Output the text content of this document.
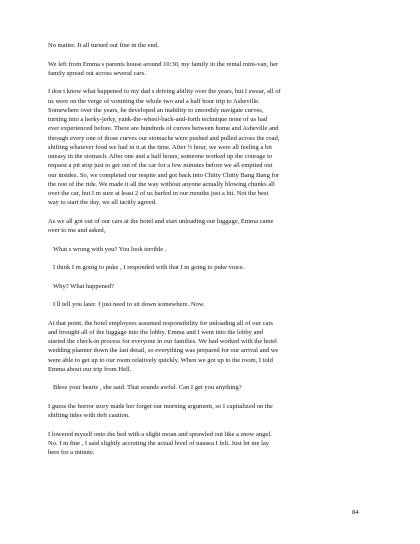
No matter. It all turned out fine in the end.

We left from Emma s parents house around 10:30, my family in the rental mini-van, her
family spread out across several cars.

I don t know what happened to my dad s driving ability over the years, but I swear, all of
us were on the verge of vomiting the whole two and a half hour trip to Asheville.
Somewhere over the years, he developed an inability to smoothly navigate curves,
turning into a herky-jerky, yank-the-wheel-back-and-forth technique none of us had
ever experienced before. There are hundreds of curves between home and Asheville and
through every one of those curves our stomachs were pushed and pulled across the road,
shifting whatever food we had in it at the time. After ½ hour, we were all feeling a bit
uneasy in the stomach. After one and a half hours, someone worked up the courage to
request a pit stop just to get out of the car for a few minutes before we all emptied out
our insides. So, we completed our respite and got back into Chitty Chitty Bang Bang for
the rest of the ride. We made it all the way without anyone actually blowing chunks all
over the car, but I m sure at least 2 of us barfed in our mouths just a bit. Not the best
way to start the day, we all tacitly agreed.

As we all got out of our cars at the hotel and start unloading our luggage, Emma came
over to me and asked,

What s wrong with you? You look terrible .

I think I m going to puke , I responded with that I m going to puke voice.

Why? What happened?

I ll tell you later. I just need to sit down somewhere. Now.

At that point, the hotel employees assumed responsibility for unloading all of our cars
and brought all of the luggage into the lobby. Emma and I went into the lobby and
started the check-in process for everyone in our families. We had worked with the hotel
wedding planner down the last detail, so everything was prepared for our arrival and we
were able to get up to our room relatively quickly. When we got up to the room, I told
Emma about our trip from Hell.

Bless your hearts , she said. That sounds awful. Can I get you anything?

I guess the horror story made her forget our morning argument, so I capitalized on the
shifting tides with deft caution.

I lowered myself onto the bed with a slight moan and sprawled out like a snow angel.
No. I m fine , I said slightly accreting the actual level of nausea I felt. Just let me lay
here for a minute.

84
